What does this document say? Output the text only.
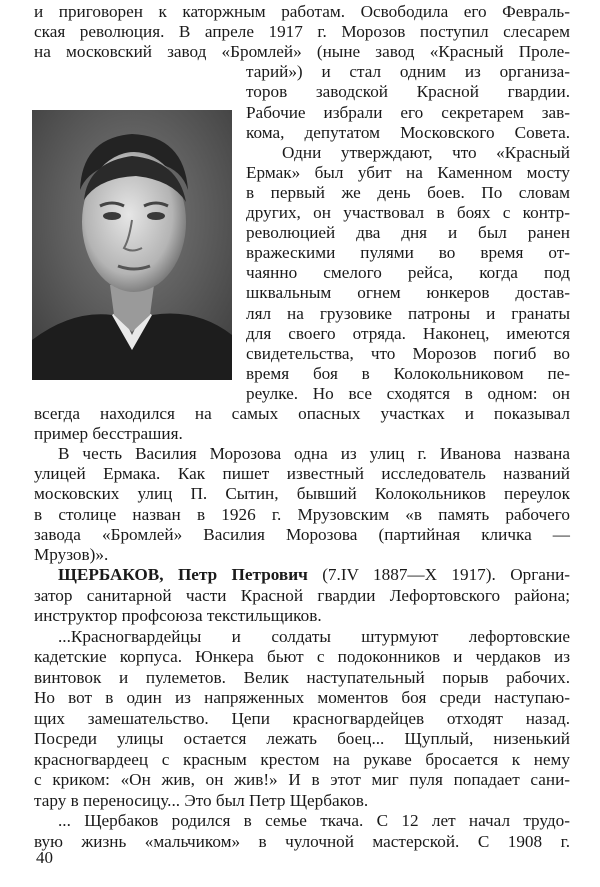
и приговорен к каторжным работам. Освободила его Февраль-
ская революция. В апреле 1917 г. Морозов поступил слесарем
на московский завод «Бромлей» (ныне завод «Красный Проле-
тарий») и стал одним из организа-
торов заводской Красной гвардии.
Рабочие избрали его секретарем зав-
кома, депутатом Московского Совета.
Одни утверждают, что «Красный
Ермак» был убит на Каменном мосту
в первый же день боев. По словам
других, он участвовал в боях с контр-
революцией два дня и был ранен
вражескими пулями во время от-
чаянно смелого рейса, когда под
шквальным огнем юнкеров достав-
лял на грузовике патроны и гранаты
для своего отряда. Наконец, имеются
свидетельства, что Морозов погиб во
время боя в Колокольниковом пе-
реулке. Но все сходятся в одном: он
всегда находился на самых опасных участках и показывал
пример бесстрашия.
В честь Василия Морозова одна из улиц г. Иванова названа
улицей Ермака. Как пишет известный исследователь названий
московских улиц П. Сытин, бывший Колокольников переулок
в столице назван в 1926 г. Мрузовским «в память рабочего
завода «Бромлей» Василия Морозова (партийная кличка —
Мрузов)».
ЩЕРБАКОВ, Петр Петрович (7.IV 1887—X 1917). Органи-
затор санитарной части Красной гвардии Лефортовского района;
инструктор профсоюза текстильщиков.
...Красногвардейцы и солдаты штурмуют лефортовские
кадетские корпуса. Юнкера бьют с подоконников и чердаков из
винтовок и пулеметов. Велик наступательный порыв рабочих.
Но вот в один из напряженных моментов боя среди наступаю-
щих замешательство. Цепи красногвардейцев отходят назад.
Посреди улицы остается лежать боец... Щуплый, низенький
красногвардеец с красным крестом на рукаве бросается к нему
с криком: «Он жив, он жив!» И в этот миг пуля попадает сани-
тару в переносицу... Это был Петр Щербаков.
... Щербаков родился в семье ткача. С 12 лет начал трудо-
вую жизнь «мальчиком» в чулочной мастерской. С 1908 г.
40
